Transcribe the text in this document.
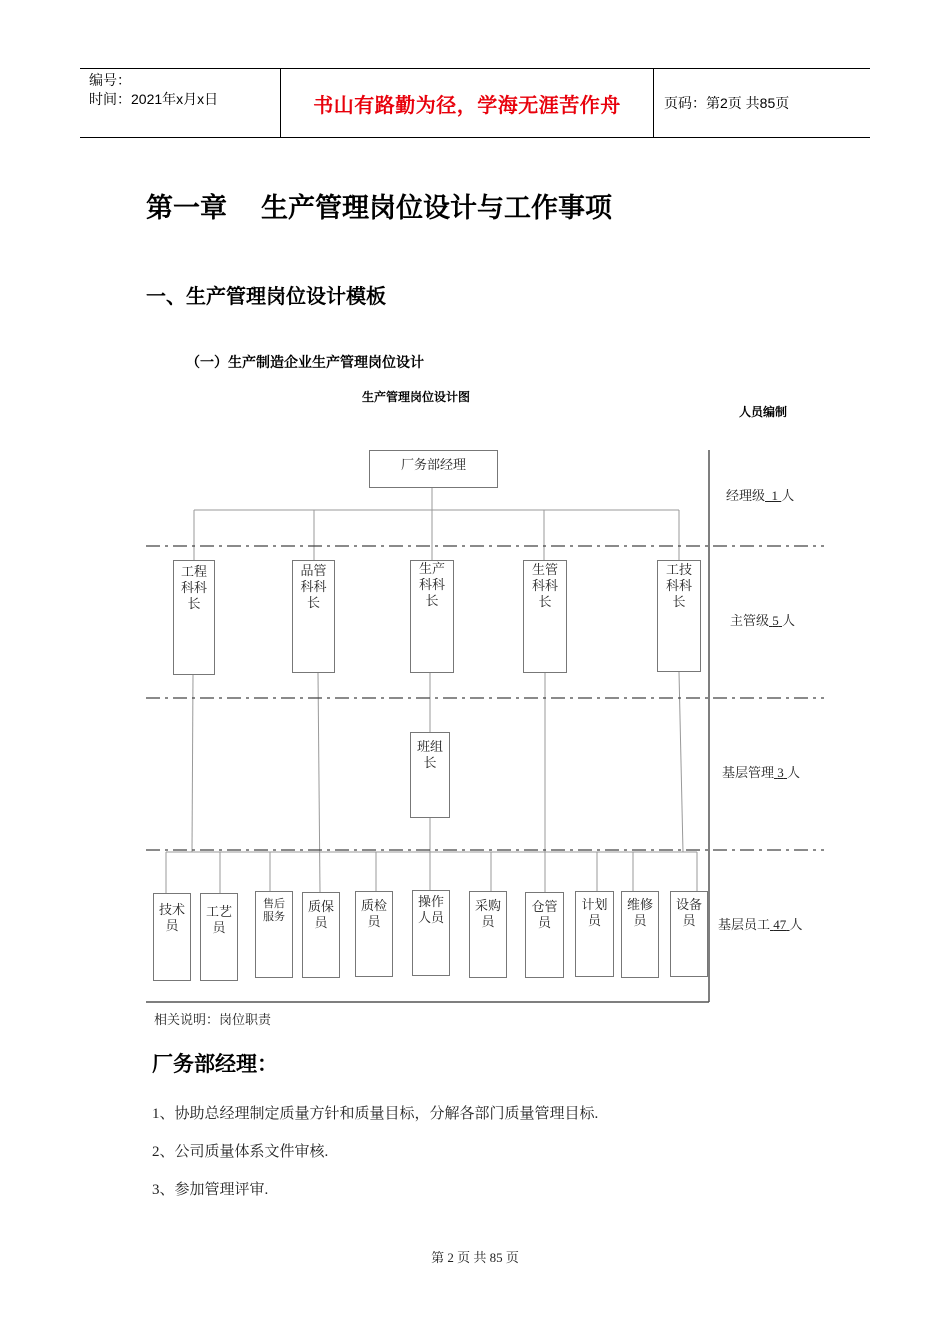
编号：
时间：2021年x月x日	书山有路勤为径，学海无涯苦作舟	页码：第2页 共85页
第一章 生产管理岗位设计与工作事项
一、生产管理岗位设计模板
（一）生产制造企业生产管理岗位设计
生产管理岗位设计图
人员编制
厂务部经理
工程科科长
品管科科长
生产科科长
生管科科长
工技科科长
班组长
技术员
工艺员
售后服务
质保员
质检员
操作人员
采购员
仓管员
计划员
维修员
设备员
经理级 1 人
主管级 5 人
基层管理 3 人
基层员工 47 人
相关说明：岗位职责
厂务部经理：
1、协助总经理制定质量方针和质量目标，分解各部门质量管理目标.
2、公司质量体系文件审核.
3、参加管理评审.
第 2 页 共 85 页
